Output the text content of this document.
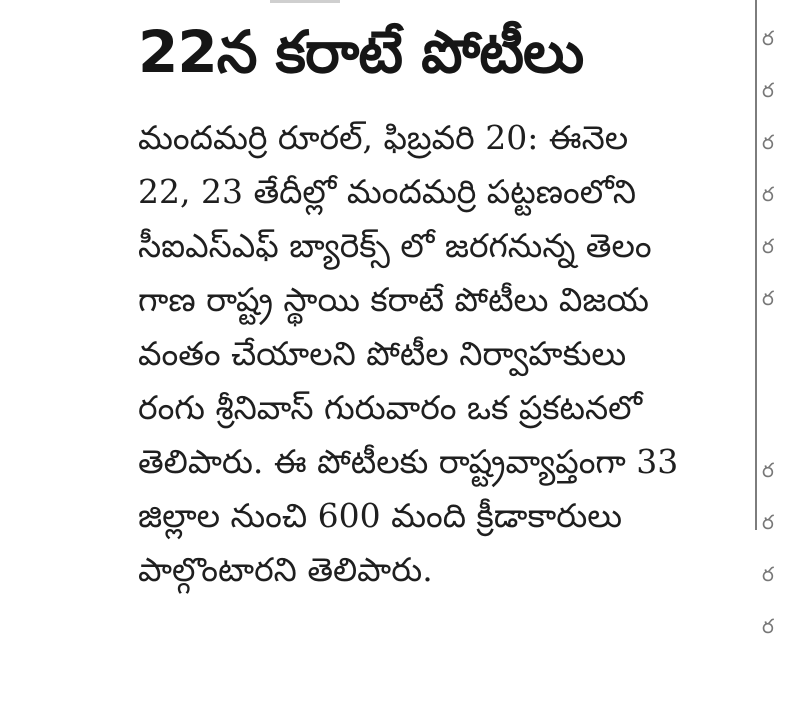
22న కరాటే పోటీలు
మందమర్రి రూరల్, ఫిబ్రవరి 20: ఈనెల
22, 23 తేదీల్లో మందమర్రి పట్టణంలోని
సీఐఎస్ఎఫ్ బ్యారెక్స్ లో జరగనున్న తెలం
గాణ రాష్ట్ర స్థాయి కరాటే పోటీలు విజయ
వంతం చేయాలని పోటీల నిర్వాహకులు
రంగు శ్రీనివాస్ గురువారం ఒక ప్రకటనలో
తెలిపారు. ఈ పోటీలకు రాష్ట్రవ్యాప్తంగా 33
జిల్లాల నుంచి 600 మంది క్రీడాకారులు
పాల్గొంటారని తెలిపారు.
ర
ర
ర
ర
ర
ర
ర
ర
ర
ర
